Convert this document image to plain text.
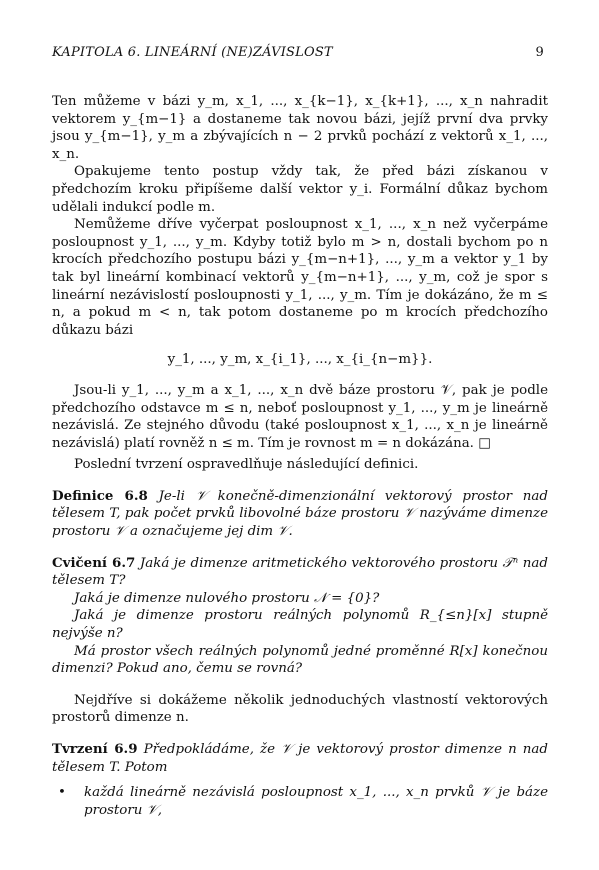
KAPITOLA 6. LINEÁRNÍ (NE)ZÁVISLOST	9

Ten můžeme v bázi y_m, x_1, ..., x_{k−1}, x_{k+1}, ..., x_n nahradit vektorem y_{m−1} a dostaneme tak novou bázi, jejíž první dva prvky jsou y_{m−1}, y_m a zbývajících n − 2 prvků pochází z vektorů x_1, ..., x_n.

Opakujeme tento postup vždy tak, že před bázi získanou v předchozím kroku připíšeme další vektor y_i. Formální důkaz bychom udělali indukcí podle m.

Nemůžeme dříve vyčerpat posloupnost x_1, ..., x_n než vyčerpáme posloupnost y_1, ..., y_m. Kdyby totiž bylo m > n, dostali bychom po n krocích předchozího postupu bázi y_{m−n+1}, ..., y_m a vektor y_1 by tak byl lineární kombinací vektorů y_{m−n+1}, ..., y_m, což je spor s lineární nezávislostí posloupnosti y_1, ..., y_m. Tím je dokázáno, že m ≤ n, a pokud m < n, tak potom dostaneme po m krocích předchozího důkazu bázi

y_1, ..., y_m, x_{i_1}, ..., x_{i_{n−m}}.

Jsou-li y_1, ..., y_m a x_1, ..., x_n dvě báze prostoru 𝒱, pak je podle předchozího odstavce m ≤ n, neboť posloupnost y_1, ..., y_m je lineárně nezávislá. Ze stejného důvodu (také posloupnost x_1, ..., x_n je lineárně nezávislá) platí rovněž n ≤ m. Tím je rovnost m = n dokázána. □

Poslední tvrzení ospravedlňuje následující definici.

Definice 6.8 Je-li 𝒱 konečně-dimenzionální vektorový prostor nad tělesem T, pak počet prvků libovolné báze prostoru 𝒱 nazýváme dimenze prostoru 𝒱 a označujeme jej dim 𝒱.

Cvičení 6.7 Jaká je dimenze aritmetického vektorového prostoru 𝒯ⁿ nad tělesem T?

Jaká je dimenze nulového prostoru 𝒩 = {0}?

Jaká je dimenze prostoru reálných polynomů R_{≤n}[x] stupně nejvýše n?

Má prostor všech reálných polynomů jedné proměnné R[x] konečnou dimenzi? Pokud ano, čemu se rovná?

Nejdříve si dokážeme několik jednoduchých vlastností vektorových prostorů dimenze n.

Tvrzení 6.9 Předpokládáme, že 𝒱 je vektorový prostor dimenze n nad tělesem T. Potom

• každá lineárně nezávislá posloupnost x_1, ..., x_n prvků 𝒱 je báze prostoru 𝒱,
